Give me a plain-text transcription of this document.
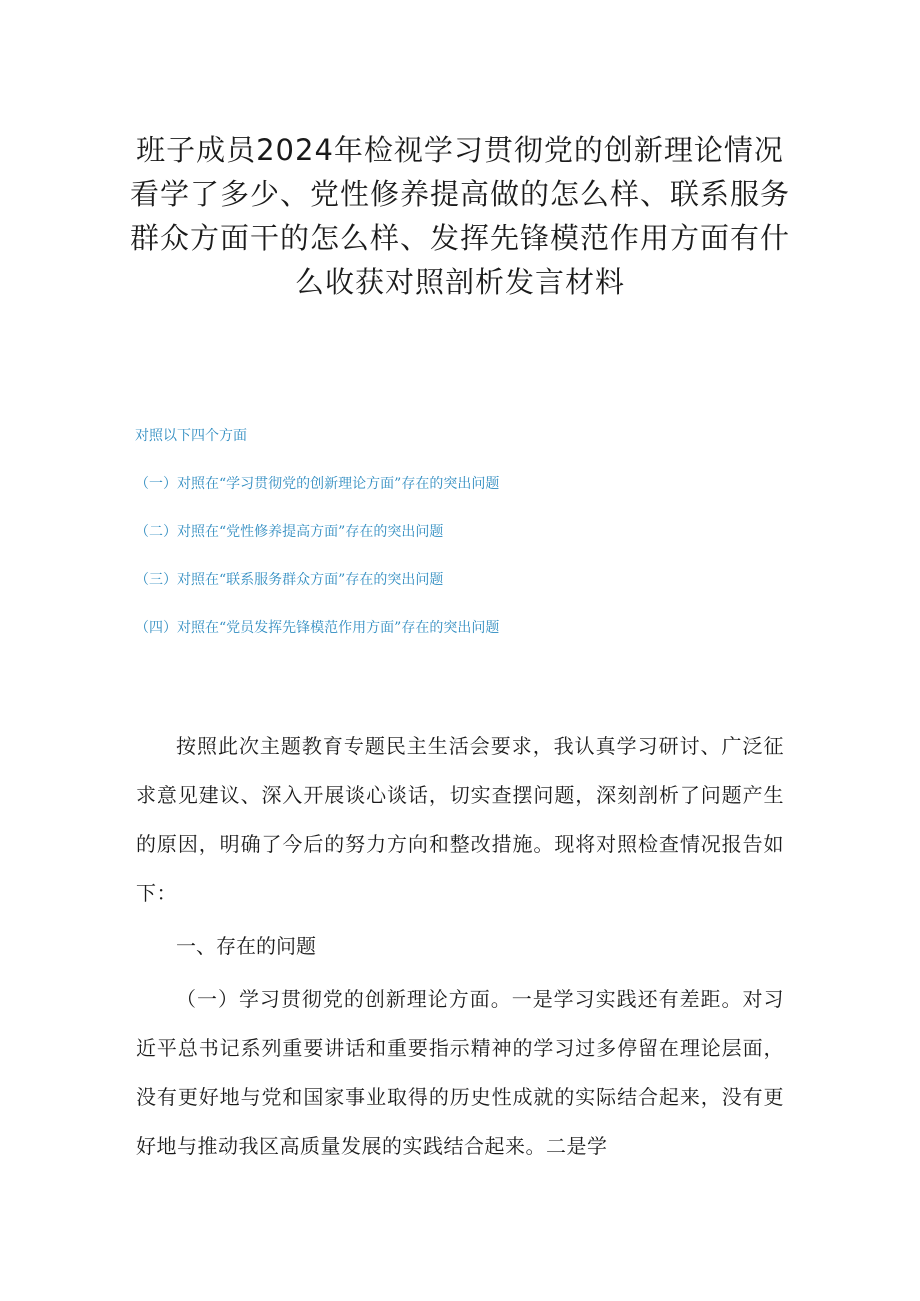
班子成员2024年检视学习贯彻党的创新理论情况看学了多少、党性修养提高做的怎么样、联系服务群众方面干的怎么样、发挥先锋模范作用方面有什么收获对照剖析发言材料

对照以下四个方面

（一）对照在“学习贯彻党的创新理论方面”存在的突出问题

（二）对照在“党性修养提高方面”存在的突出问题

（三）对照在“联系服务群众方面”存在的突出问题

（四）对照在“党员发挥先锋模范作用方面”存在的突出问题

按照此次主题教育专题民主生活会要求，我认真学习研讨、广泛征求意见建议、深入开展谈心谈话，切实查摆问题，深刻剖析了问题产生的原因，明确了今后的努力方向和整改措施。现将对照检查情况报告如下：

一、存在的问题

（一）学习贯彻党的创新理论方面。一是学习实践还有差距。对习近平总书记系列重要讲话和重要指示精神的学习过多停留在理论层面，没有更好地与党和国家事业取得的历史性成就的实际结合起来，没有更好地与推动我区高质量发展的实践结合起来。二是学
